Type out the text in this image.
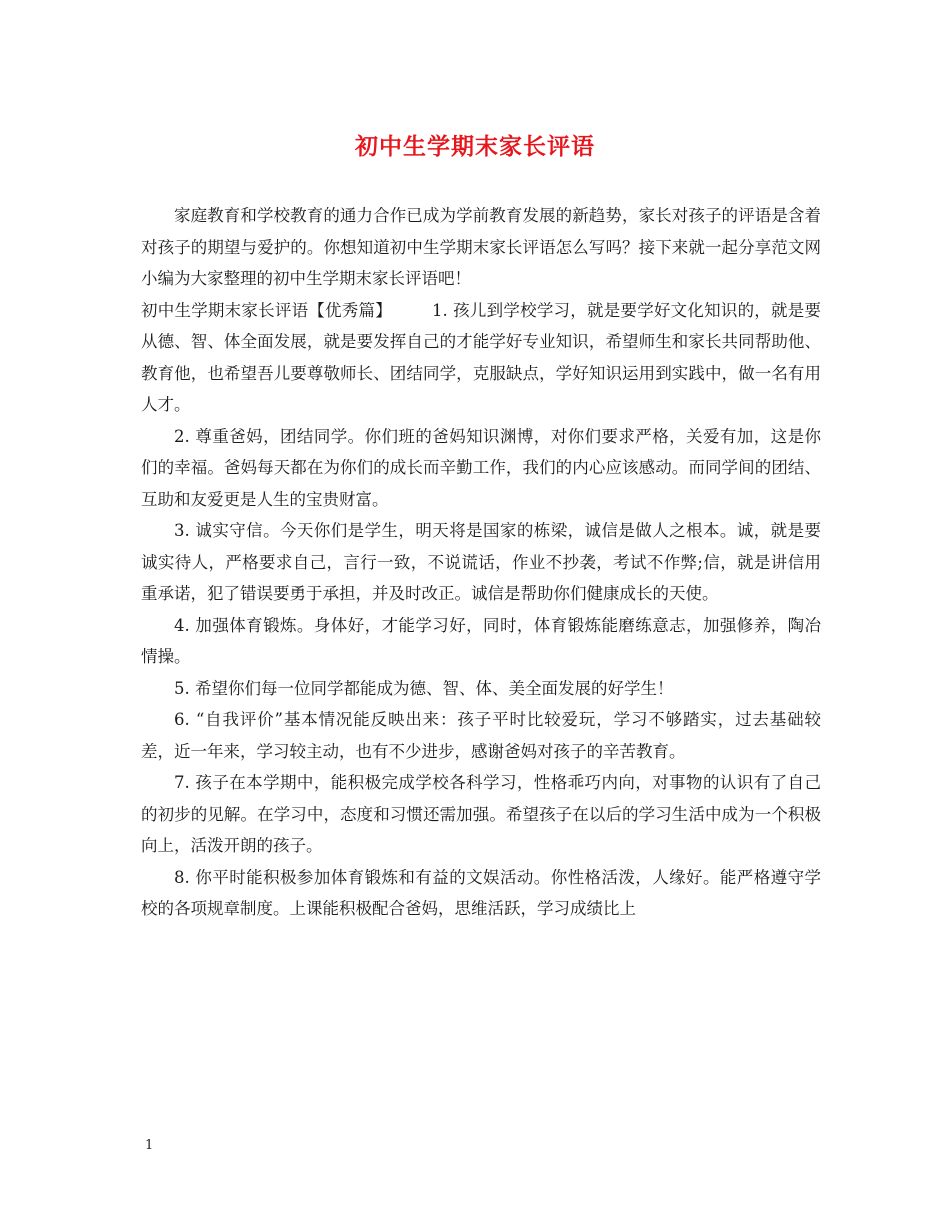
初中生学期末家长评语

家庭教育和学校教育的通力合作已成为学前教育发展的新趋势，家长对孩子的评语是含着对孩子的期望与爱护的。你想知道初中生学期末家长评语怎么写吗？接下来就一起分享范文网小编为大家整理的初中生学期末家长评语吧！

初中生学期末家长评语【优秀篇】 1. 孩儿到学校学习，就是要学好文化知识的，就是要从德、智、体全面发展，就是要发挥自己的才能学好专业知识，希望师生和家长共同帮助他、教育他，也希望吾儿要尊敬师长、团结同学，克服缺点，学好知识运用到实践中，做一名有用人才。

2. 尊重爸妈，团结同学。你们班的爸妈知识渊博，对你们要求严格，关爱有加，这是你们的幸福。爸妈每天都在为你们的成长而辛勤工作，我们的内心应该感动。而同学间的团结、互助和友爱更是人生的宝贵财富。

3. 诚实守信。今天你们是学生，明天将是国家的栋梁，诚信是做人之根本。诚，就是要诚实待人，严格要求自己，言行一致，不说谎话，作业不抄袭，考试不作弊;信，就是讲信用重承诺，犯了错误要勇于承担，并及时改正。诚信是帮助你们健康成长的天使。

4. 加强体育锻炼。身体好，才能学习好，同时，体育锻炼能磨练意志，加强修养，陶冶情操。

5. 希望你们每一位同学都能成为德、智、体、美全面发展的好学生！

6. “自我评价”基本情况能反映出来：孩子平时比较爱玩，学习不够踏实，过去基础较差，近一年来，学习较主动，也有不少进步，感谢爸妈对孩子的辛苦教育。

7. 孩子在本学期中，能积极完成学校各科学习，性格乖巧内向，对事物的认识有了自己的初步的见解。在学习中，态度和习惯还需加强。希望孩子在以后的学习生活中成为一个积极向上，活泼开朗的孩子。

8. 你平时能积极参加体育锻炼和有益的文娱活动。你性格活泼，人缘好。能严格遵守学校的各项规章制度。上课能积极配合爸妈，思维活跃，学习成绩比上

1
